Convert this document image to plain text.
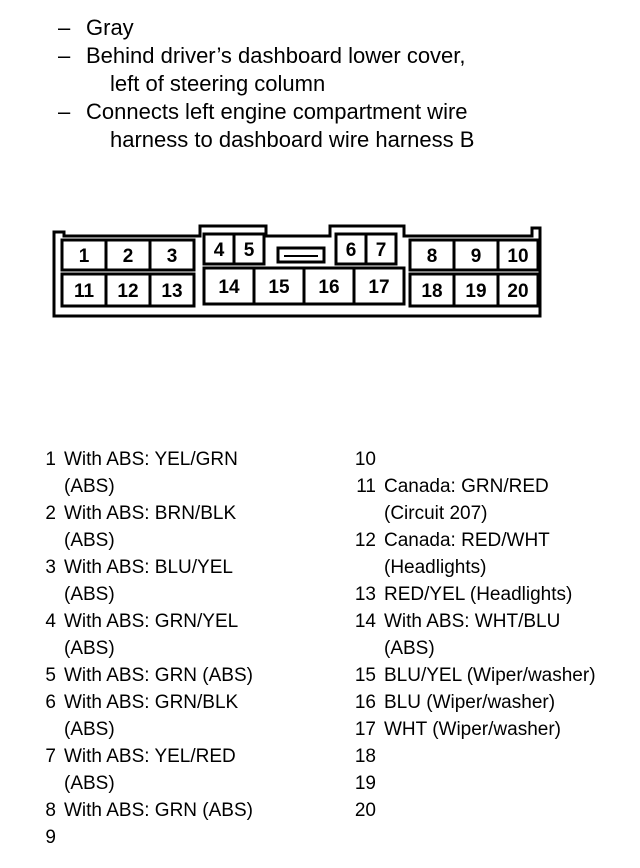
– Gray
– Behind driver’s dashboard lower cover,
left of steering column
– Connects left engine compartment wire
harness to dashboard wire harness B
1 2 3 4 5	6 7 8 9 10
11 12 13 14 15 16 17 18 19 20
1 With ABS: YEL/GRN
(ABS)
2 With ABS: BRN/BLK
(ABS)
3 With ABS: BLU/YEL
(ABS)
4 With ABS: GRN/YEL
(ABS)
5 With ABS: GRN (ABS)
6 With ABS: GRN/BLK
(ABS)
7 With ABS: YEL/RED
(ABS)
8 With ABS: GRN (ABS)
9
10
11 Canada: GRN/RED
(Circuit 207)
12 Canada: RED/WHT
(Headlights)
13 RED/YEL (Headlights)
14 With ABS: WHT/BLU
(ABS)
15 BLU/YEL (Wiper/washer)
16 BLU (Wiper/washer)
17 WHT (Wiper/washer)
18
19
20
